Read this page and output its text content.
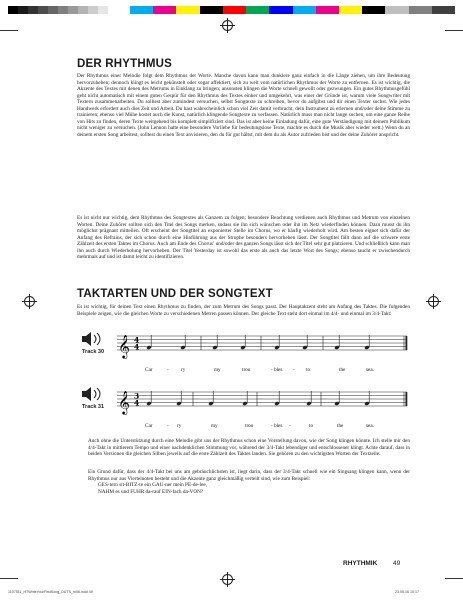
DER RHYTHMUS

Der Rhythmus einer Melodie folgt dem Rhythmus der Worte. Manche davon kann man dunklere ganz einfach in die Länge ziehen, um ihre Bedeutung hervorzuheben; dennoch klingt es leicht gekünstelt oder sogar affektiert, sich zu weit vom natürlichen Rhythmus der Worte zu entfernen. Es ist wichtig, die Akzente des Textes mit denen des Metrums in Einklang zu bringen; ansonsten klingen die Worte schnell gewollt oder gezwungen. Ein gutes Rhythmusgefühl geht nicht automatisch mit einem guten Gespür für den Rhythmus des Textes einher und umgekehrt, was einer der Gründe ist, warum viele Songwriter mit Textern zusammenarbeiten. Du solltest aber zumindest versuchen, selbst Songtexte zu schreiben, bevor du aufgibst und dir einen Texter suchst. Wie jedes Handwerk erfordert auch dies Zeit und Arbeit. Du hast wahrscheinlich schon viel Zeit damit verbracht, dein Instrument zu erlernen und/oder deine Stimme zu trainieren; ebenso viel Mühe kostet auch die Kunst, natürlich klingende Songtexte zu verfassen. Natürlich muss man nicht lange suchen, um eine ganze Reihe von Hits zu finden, deren Texte weitgehend bis komplett simplifiziert sind. Das ist aber keine Einladung dafür, eine gute Verständigung mit deinem Publikum nicht weniger zu versuchen. (John Lennon hatte eine besondere Vorliebe für bedeutungslose Texte, machte es durch die Musik aber wieder wett.) Wenn du an deinem ersten Song arbeitest, solltest du einen Text anvisieren, den du für gut hältst, mit dem du als Autor zufrieden bist und der deine Zuhörer anspricht.

Es ist nicht nur wichtig, dem Rhythmus des Songtextes als Ganzem zu folgen; besondere Beachtung verdienen auch Rhythmus und Metrum von einzelnen Worten. Deine Zuhörer sollten sich den Titel des Songs merken, sodass sie ihn sich wünschen oder ihn im Netz wiederfinden können. Dazu musst du ihn möglichst prägnant mitteilen. Oft erscheint der Songtitel an exponierter Stelle im Chorus, wo er häufig wiederholt wird. Am besten eignet sich dafür der Anfang des Refrains, der sich schon durch eine Hinführung aus der Strophe besonders hervorheben lässt. Der Songtitel fällt dann auf die schwere erste Zählzeit des ersten Taktes im Chorus. Auch am Ende des Chorus’ und/oder des ganzen Songs lässt sich der Titel sehr gut platzieren. Und schließlich kann man ihn auch durch Wiederholung hervorheben. Der Titel Yesterday ist sowohl das erste als auch das letzte Wort des Songs; ebenso taucht er zwischendurch mehrmals auf und ist damit leicht zu identifizieren.

TAKTARTEN UND DER SONGTEXT

Es ist wichtig, für deinen Text einen Rhythmus zu finden, der zum Metrum des Songs passt. Der Hauptakzent steht am Anfang des Taktes. Die folgenden Beispiele zeigen, wie die gleichen Worte zu verschiedenen Metren passen können. Der gleiche Text steht dort einmal im 4/4- und einmal im 3/4-Takt:

Track 30 𝄞 4
4
Car	- ry	my	trou	- bles - to	the	sea.
Track 31 𝄞 3
4
Car	- ry	my	trou	- bles -	to	the	sea.

Auch ohne die Unterstützung durch eine Melodie gibt uns der Rhythmus schon eine Vorstellung davon, wie der Song klingen könnte. Ich stelle mir den 4/4-Takt in mittlerem Tempo und einer nachdenklichen Stimmung vor, während der 3/4-Takt lebendiger und entschlossener klingt. Achte darauf, dass in beiden Versionen die gleichen Silben jeweils auf die erste Zählzeit des Taktes landen. Sie gehören zu den wichtigsten Worten der Textzeile.

Ein Grund dafür, dass der 4/4-Takt bei uns am gebräuchlichsten ist, liegt darin, dass der 3/4-Takt schnell wie ein Singsang klingen kann, wenn der Rhythmus nur aus Viertelnoten besteht und die Akzente ganz gleichmäßig verteilt sind, wie zum Beispiel:

GES-tern sit-BITZ-te ein GAU-ner mein PE-de-lee,

NAHM es und FUHR da-rauf EIN-fach da-VON?

RHYTHMIK 49
1107511_HTWriteYourFirstSong_DUTS_rx06.indd 49	23.05.16 10:17
